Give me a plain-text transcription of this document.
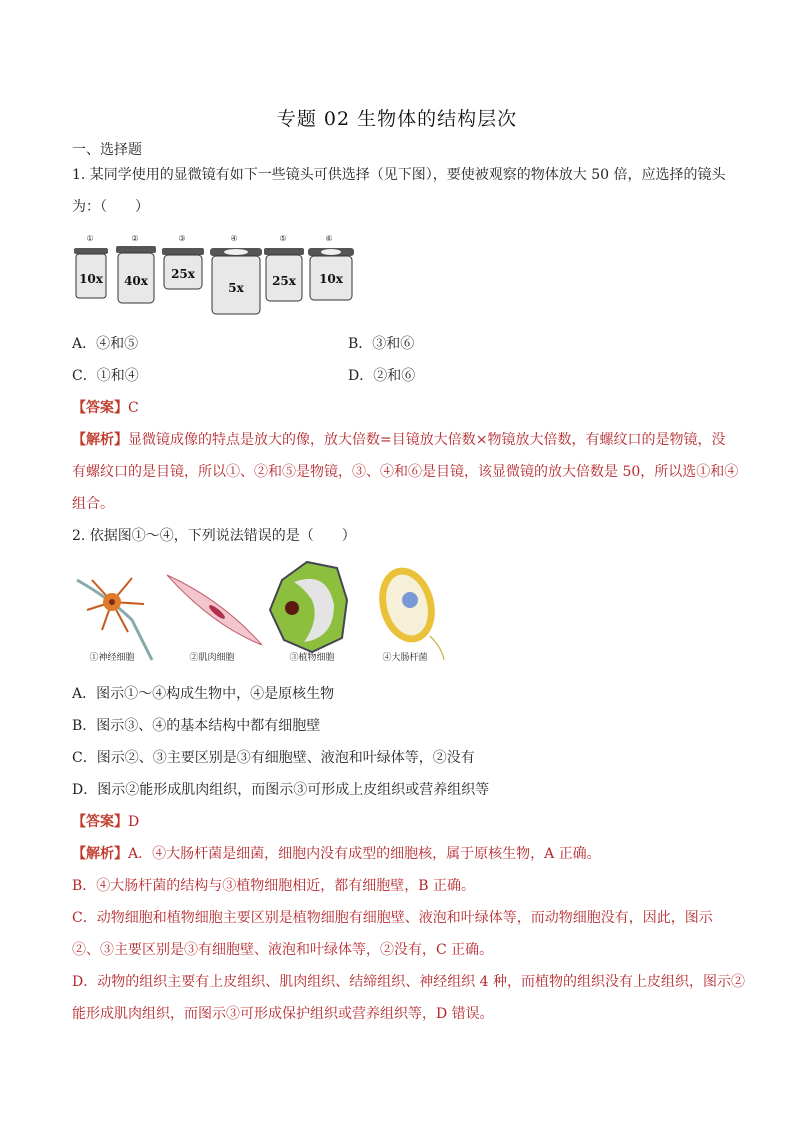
专题 02 生物体的结构层次
一、选择题
1. 某同学使用的显微镜有如下一些镜头可供选择（见下图），要使被观察的物体放大 50 倍，应选择的镜头
为：（　　）
①
10x
②
40x
③
25x
④
5x
⑤
25x
⑥
10x
A．④和⑤	B．③和⑥
C．①和④	D．②和⑥
【答案】C
【解析】显微镜成像的特点是放大的像，放大倍数=目镜放大倍数×物镜放大倍数，有螺纹口的是物镜，没
有螺纹口的是目镜，所以①、②和⑤是物镜，③、④和⑥是目镜，该显微镜的放大倍数是 50，所以选①和④
组合。
2. 依据图①～④，下列说法错误的是（　　）
①神经细胞	②肌肉细胞	③植物细胞	④大肠杆菌
A．图示①～④构成生物中，④是原核生物
B．图示③、④的基本结构中都有细胞壁
C．图示②、③主要区别是③有细胞壁、液泡和叶绿体等，②没有
D．图示②能形成肌肉组织，而图示③可形成上皮组织或营养组织等
【答案】D
【解析】A．④大肠杆菌是细菌，细胞内没有成型的细胞核，属于原核生物，A 正确。
B．④大肠杆菌的结构与③植物细胞相近，都有细胞壁，B 正确。
C．动物细胞和植物细胞主要区别是植物细胞有细胞壁、液泡和叶绿体等，而动物细胞没有，因此，图示
②、③主要区别是③有细胞壁、液泡和叶绿体等，②没有，C 正确。
D．动物的组织主要有上皮组织、肌肉组织、结缔组织、神经组织 4 种，而植物的组织没有上皮组织，图示②
能形成肌肉组织，而图示③可形成保护组织或营养组织等，D 错误。
